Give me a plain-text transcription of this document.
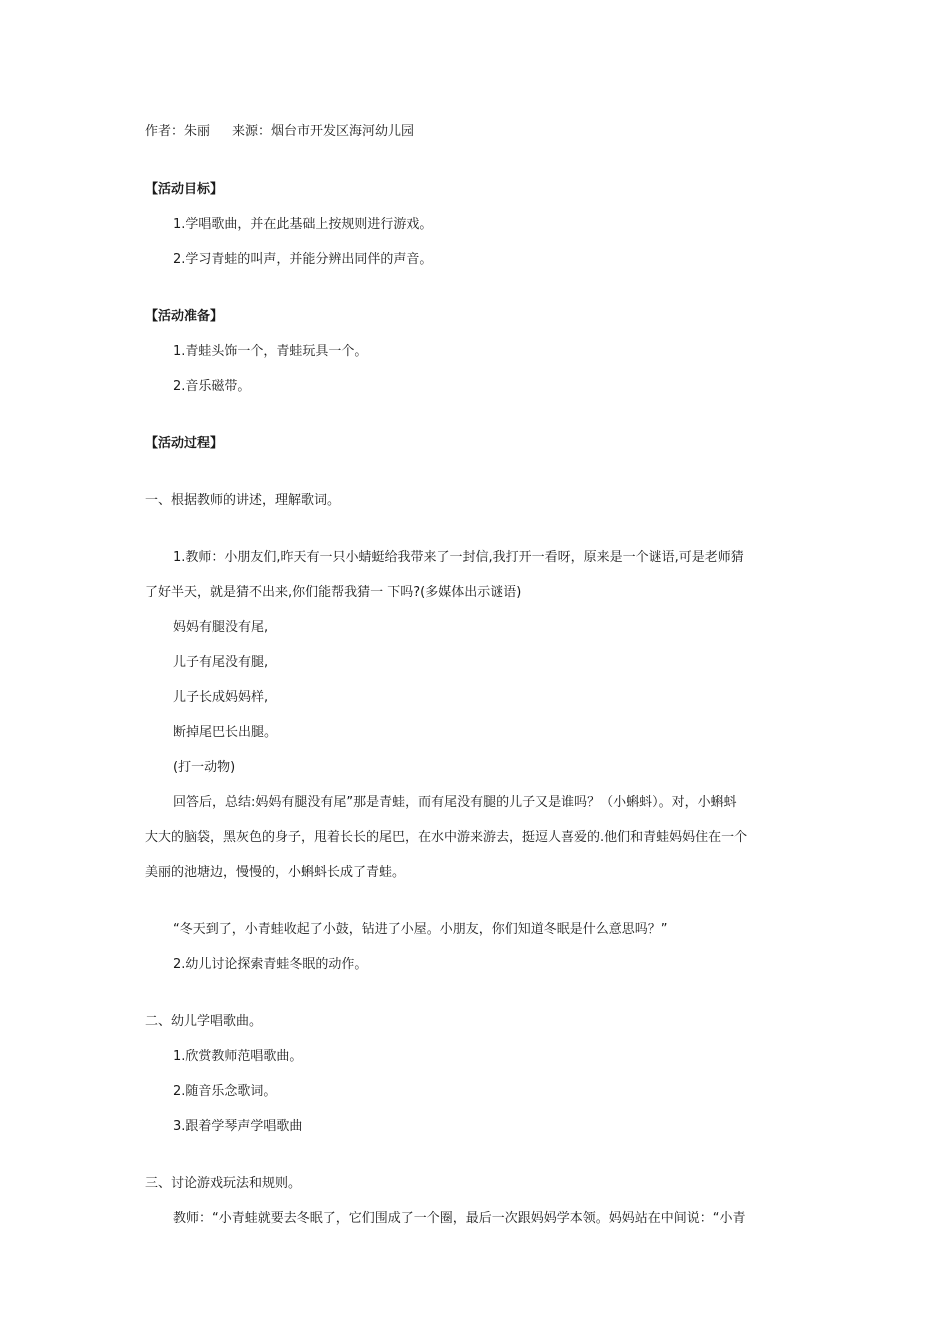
作者：朱丽 来源：烟台市开发区海河幼儿园
【活动目标】
1.学唱歌曲，并在此基础上按规则进行游戏。
2.学习青蛙的叫声，并能分辨出同伴的声音。
【活动准备】
1.青蛙头饰一个，青蛙玩具一个。
2.音乐磁带。
【活动过程】
一、根据教师的讲述，理解歌词。
1.教师：小朋友们,昨天有一只小蜻蜓给我带来了一封信,我打开一看呀，原来是一个谜语,可是老师猜
了好半天，就是猜不出来,你们能帮我猜一 下吗?(多媒体出示谜语)
妈妈有腿没有尾,
儿子有尾没有腿,
儿子长成妈妈样,
断掉尾巴长出腿。
(打一动物)
回答后，总结:妈妈有腿没有尾”那是青蛙，而有尾没有腿的儿子又是谁吗？（小蝌蚪）。对，小蝌蚪
大大的脑袋，黑灰色的身子，甩着长长的尾巴，在水中游来游去，挺逗人喜爱的.他们和青蛙妈妈住在一个
美丽的池塘边，慢慢的，小蝌蚪长成了青蛙。
“冬天到了，小青蛙收起了小鼓，钻进了小屋。小朋友，你们知道冬眠是什么意思吗？”
2.幼儿讨论探索青蛙冬眠的动作。
二、幼儿学唱歌曲。
1.欣赏教师范唱歌曲。
2.随音乐念歌词。
3.跟着学琴声学唱歌曲
三、讨论游戏玩法和规则。
教师：“小青蛙就要去冬眠了，它们围成了一个圈，最后一次跟妈妈学本领。妈妈站在中间说：“小青
